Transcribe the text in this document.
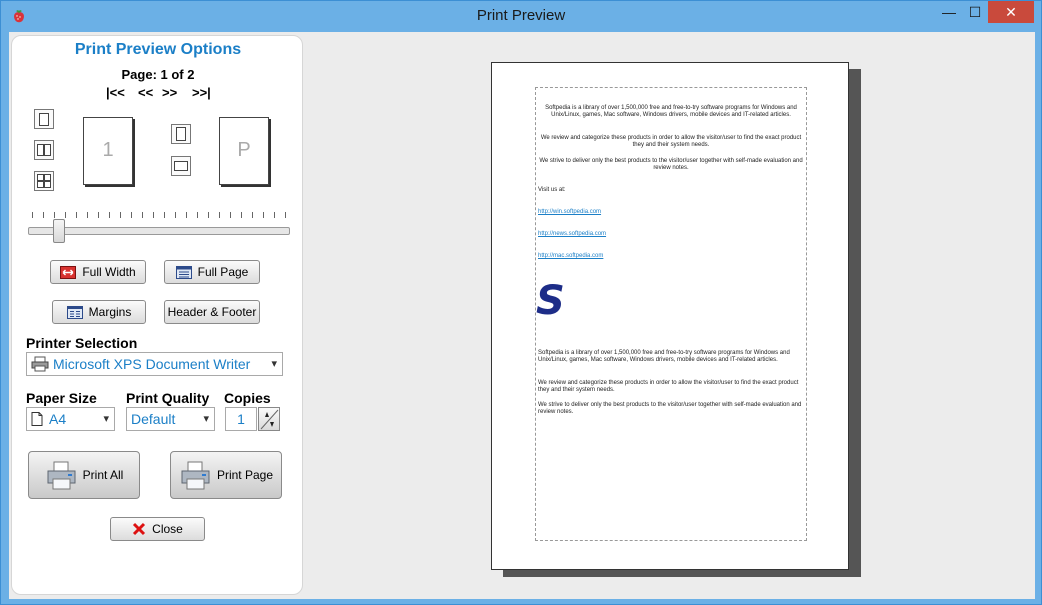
Print Preview	— ☐	✕
Print Preview Options
Page: 1 of 2
|<< << >> >>|
1	P
Full Width	Full Page
Margins	Header & Footer
Printer Selection
Microsoft XPS Document Writer ▾
Paper Size
A4	▾
Print Quality
Default	▾
Copies
1
Print All	Print Page
Close
Softpedia is a library of over 1,500,000 free and free-to-try software programs for Windows and Unix/Linux, games, Mac software, Windows drivers, mobile devices and IT-related articles.
We review and categorize these products in order to allow the visitor/user to find the exact product they and their system needs.
We strive to deliver only the best products to the visitor/user together with self-made evaluation and review notes.
Visit us at:
http://win.softpedia.com
http://news.softpedia.com
http://mac.softpedia.com
S
Softpedia is a library of over 1,500,000 free and free-to-try software programs for Windows and Unix/Linux, games, Mac software, Windows drivers, mobile devices and IT-related articles.
We review and categorize these products in order to allow the visitor/user to find the exact product they and their system needs.
We strive to deliver only the best products to the visitor/user together with self-made evaluation and review notes.
